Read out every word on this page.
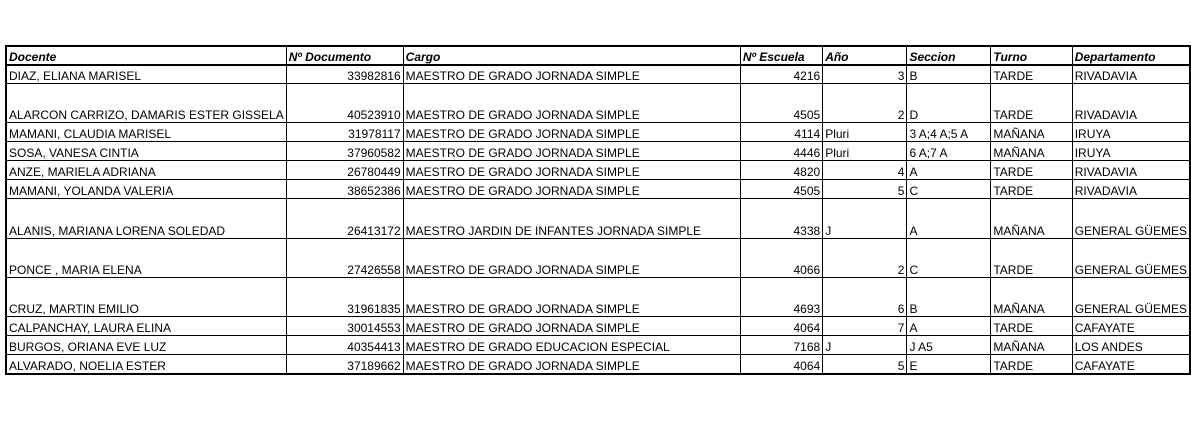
Docente	Nº Documento	Cargo	Nº Escuela	Año	Seccion	Turno	Departamento
DIAZ, ELIANA MARISEL	33982816	MAESTRO DE GRADO JORNADA SIMPLE	4216	3	B	TARDE	RIVADAVIA
ALARCON CARRIZO, DAMARIS ESTER GISSELA	40523910	MAESTRO DE GRADO JORNADA SIMPLE	4505	2	D	TARDE	RIVADAVIA
MAMANI, CLAUDIA MARISEL	31978117	MAESTRO DE GRADO JORNADA SIMPLE	4114	Pluri	3 A;4 A;5 A	MAÑANA	IRUYA
SOSA, VANESA CINTIA	37960582	MAESTRO DE GRADO JORNADA SIMPLE	4446	Pluri	6 A;7 A	MAÑANA	IRUYA
ANZE, MARIELA ADRIANA	26780449	MAESTRO DE GRADO JORNADA SIMPLE	4820	4	A	TARDE	RIVADAVIA
MAMANI, YOLANDA VALERIA	38652386	MAESTRO DE GRADO JORNADA SIMPLE	4505	5	C	TARDE	RIVADAVIA
ALANIS, MARIANA LORENA SOLEDAD	26413172	MAESTRO JARDIN DE INFANTES JORNADA SIMPLE	4338	J	A	MAÑANA	GENERAL GÜEMES
PONCE , MARIA ELENA	27426558	MAESTRO DE GRADO JORNADA SIMPLE	4066	2	C	TARDE	GENERAL GÜEMES
CRUZ, MARTIN EMILIO	31961835	MAESTRO DE GRADO JORNADA SIMPLE	4693	6	B	MAÑANA	GENERAL GÜEMES
CALPANCHAY, LAURA ELINA	30014553	MAESTRO DE GRADO JORNADA SIMPLE	4064	7	A	TARDE	CAFAYATE
BURGOS, ORIANA EVE LUZ	40354413	MAESTRO DE GRADO EDUCACION ESPECIAL	7168	J	J A5	MAÑANA	LOS ANDES
ALVARADO, NOELIA ESTER	37189662	MAESTRO DE GRADO JORNADA SIMPLE	4064	5	E	TARDE	CAFAYATE
